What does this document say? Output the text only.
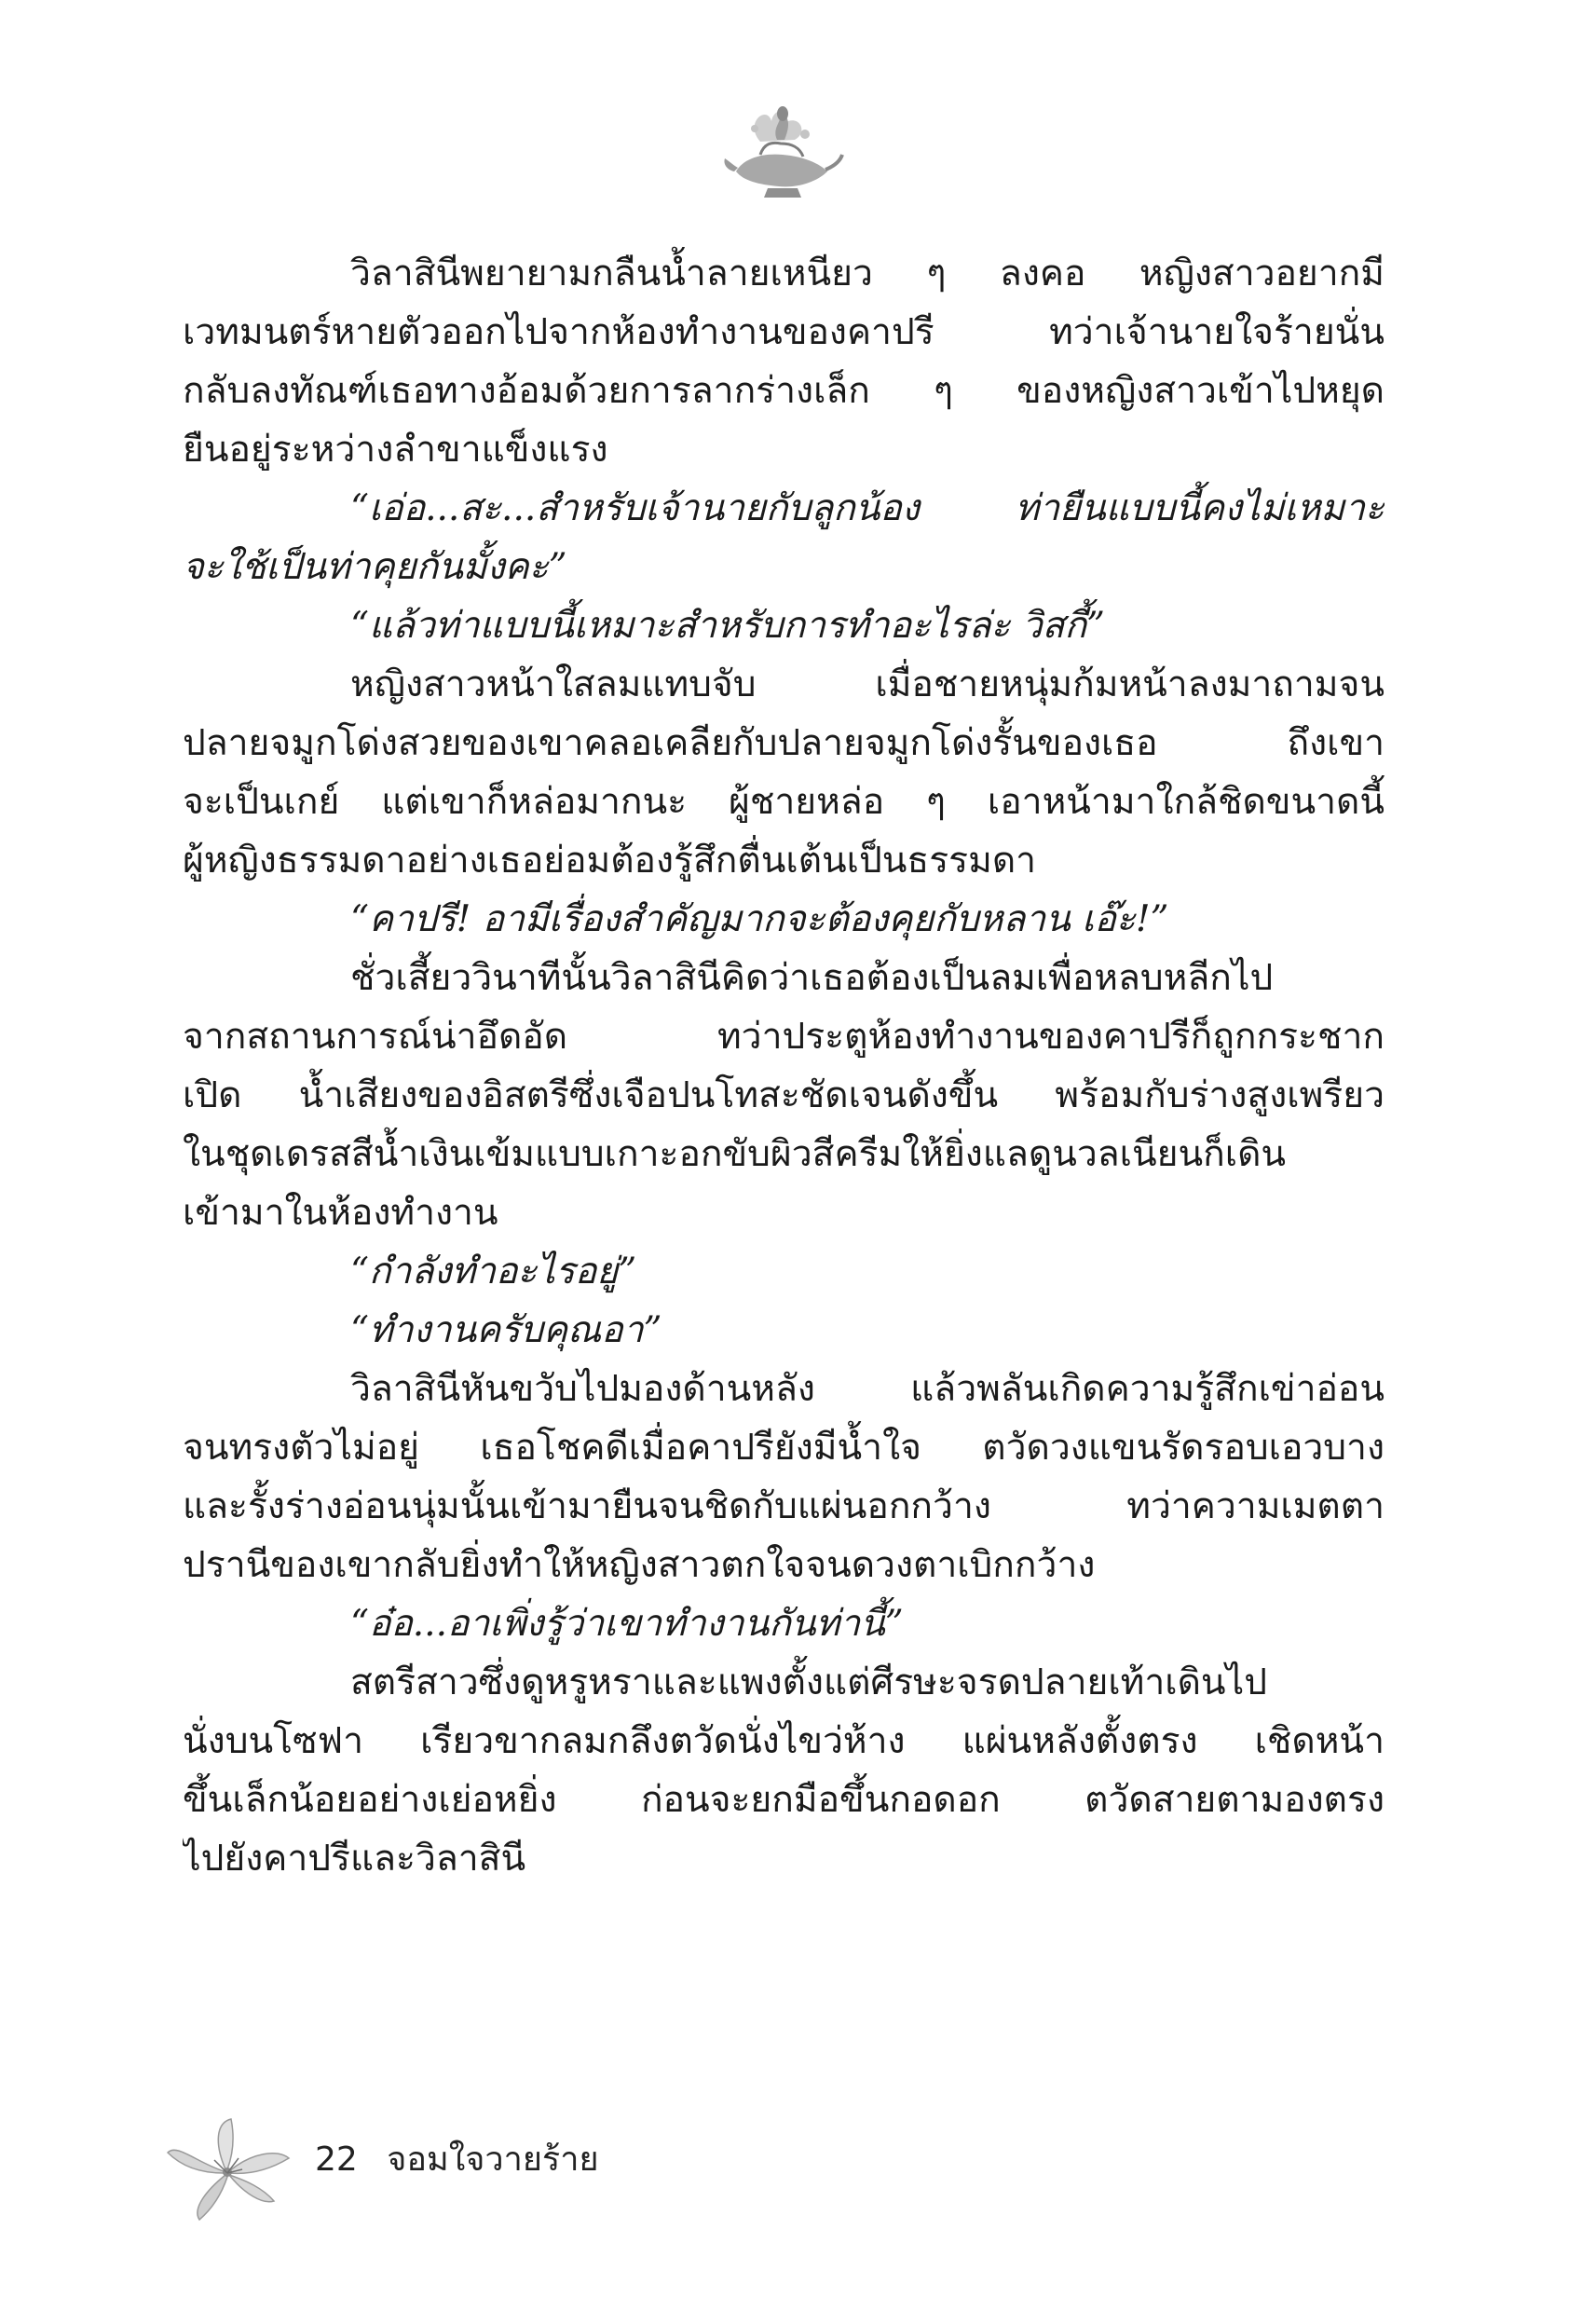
วิลาสินีพยายามกลืนน้ำลายเหนียว ๆ ลงคอ หญิงสาวอยากมี
เวทมนตร์หายตัวออกไปจากห้องทำงานของคาปรี ทว่าเจ้านายใจร้ายนั่น
กลับลงทัณฑ์เธอทางอ้อมด้วยการลากร่างเล็ก ๆ ของหญิงสาวเข้าไปหยุด
ยืนอยู่ระหว่างลำขาแข็งแรง
“เอ่อ...สะ...สำหรับเจ้านายกับลูกน้อง ท่ายืนแบบนี้คงไม่เหมาะ
จะใช้เป็นท่าคุยกันมั้งคะ”
“แล้วท่าแบบนี้เหมาะสำหรับการทำอะไรล่ะ วิสกี้”
หญิงสาวหน้าใสลมแทบจับ เมื่อชายหนุ่มก้มหน้าลงมาถามจน
ปลายจมูกโด่งสวยของเขาคลอเคลียกับปลายจมูกโด่งรั้นของเธอ ถึงเขา
จะเป็นเกย์ แต่เขาก็หล่อมากนะ ผู้ชายหล่อ ๆ เอาหน้ามาใกล้ชิดขนาดนี้
ผู้หญิงธรรมดาอย่างเธอย่อมต้องรู้สึกตื่นเต้นเป็นธรรมดา
“คาปรี! อามีเรื่องสำคัญมากจะต้องคุยกับหลาน เอ๊ะ!”
ชั่วเสี้ยววินาทีนั้นวิลาสินีคิดว่าเธอต้องเป็นลมเพื่อหลบหลีกไป
จากสถานการณ์น่าอึดอัด ทว่าประตูห้องทำงานของคาปรีก็ถูกกระชาก
เปิด น้ำเสียงของอิสตรีซึ่งเจือปนโทสะชัดเจนดังขึ้น พร้อมกับร่างสูงเพรียว
ในชุดเดรสสีน้ำเงินเข้มแบบเกาะอกขับผิวสีครีมให้ยิ่งแลดูนวลเนียนก็เดิน
เข้ามาในห้องทำงาน
“กำลังทำอะไรอยู่”
“ทำงานครับคุณอา”
วิลาสินีหันขวับไปมองด้านหลัง แล้วพลันเกิดความรู้สึกเข่าอ่อน
จนทรงตัวไม่อยู่ เธอโชคดีเมื่อคาปรียังมีน้ำใจ ตวัดวงแขนรัดรอบเอวบาง
และรั้งร่างอ่อนนุ่มนั้นเข้ามายืนจนชิดกับแผ่นอกกว้าง ทว่าความเมตตา
ปรานีของเขากลับยิ่งทำให้หญิงสาวตกใจจนดวงตาเบิกกว้าง
“อ๋อ...อาเพิ่งรู้ว่าเขาทำงานกันท่านี้”
สตรีสาวซึ่งดูหรูหราและแพงตั้งแต่ศีรษะจรดปลายเท้าเดินไป
นั่งบนโซฟา เรียวขากลมกลึงตวัดนั่งไขว่ห้าง แผ่นหลังตั้งตรง เชิดหน้า
ขึ้นเล็กน้อยอย่างเย่อหยิ่ง ก่อนจะยกมือขึ้นกอดอก ตวัดสายตามองตรง
ไปยังคาปรีและวิลาสินี
22 จอมใจวายร้าย
